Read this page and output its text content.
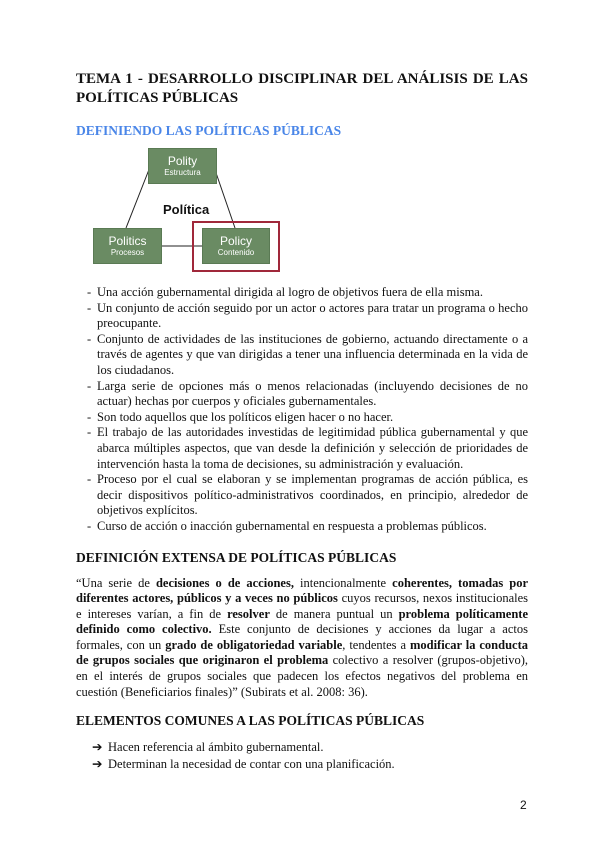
TEMA 1 - DESARROLLO DISCIPLINAR DEL ANÁLISIS DE LAS POLÍTICAS PÚBLICAS
DEFINIENDO LAS POLÍTICAS PÚBLICAS
Polity
Estructura
Politics
Procesos
Policy
Contenido
Política
- Una acción gubernamental dirigida al logro de objetivos fuera de ella misma.
- Un conjunto de acción seguido por un actor o actores para tratar un programa o hecho preocupante.
- Conjunto de actividades de las instituciones de gobierno, actuando directamente o a través de agentes y que van dirigidas a tener una influencia determinada en la vida de los ciudadanos.
- Larga serie de opciones más o menos relacionadas (incluyendo decisiones de no actuar) hechas por cuerpos y oficiales gubernamentales.
- Son todo aquellos que los políticos eligen hacer o no hacer.
- El trabajo de las autoridades investidas de legitimidad pública gubernamental y que abarca múltiples aspectos, que van desde la definición y selección de prioridades de intervención hasta la toma de decisiones, su administración y evaluación.
- Proceso por el cual se elaboran y se implementan programas de acción pública, es decir dispositivos político-administrativos coordinados, en principio, alrededor de objetivos explícitos.
- Curso de acción o inacción gubernamental en respuesta a problemas públicos.
DEFINICIÓN EXTENSA DE POLÍTICAS PÚBLICAS
“Una serie de decisiones o de acciones, intencionalmente coherentes, tomadas por diferentes actores, públicos y a veces no públicos cuyos recursos, nexos institucionales e intereses varían, a fin de resolver de manera puntual un problema políticamente definido como colectivo. Este conjunto de decisiones y acciones da lugar a actos formales, con un grado de obligatoriedad variable, tendentes a modificar la conducta de grupos sociales que originaron el problema colectivo a resolver (grupos-objetivo), en el interés de grupos sociales que padecen los efectos negativos del problema en cuestión (Beneficiarios finales)” (Subirats et al. 2008: 36).
ELEMENTOS COMUNES A LAS POLÍTICAS PÚBLICAS
➔ Hacen referencia al ámbito gubernamental.
➔ Determinan la necesidad de contar con una planificación.
2
